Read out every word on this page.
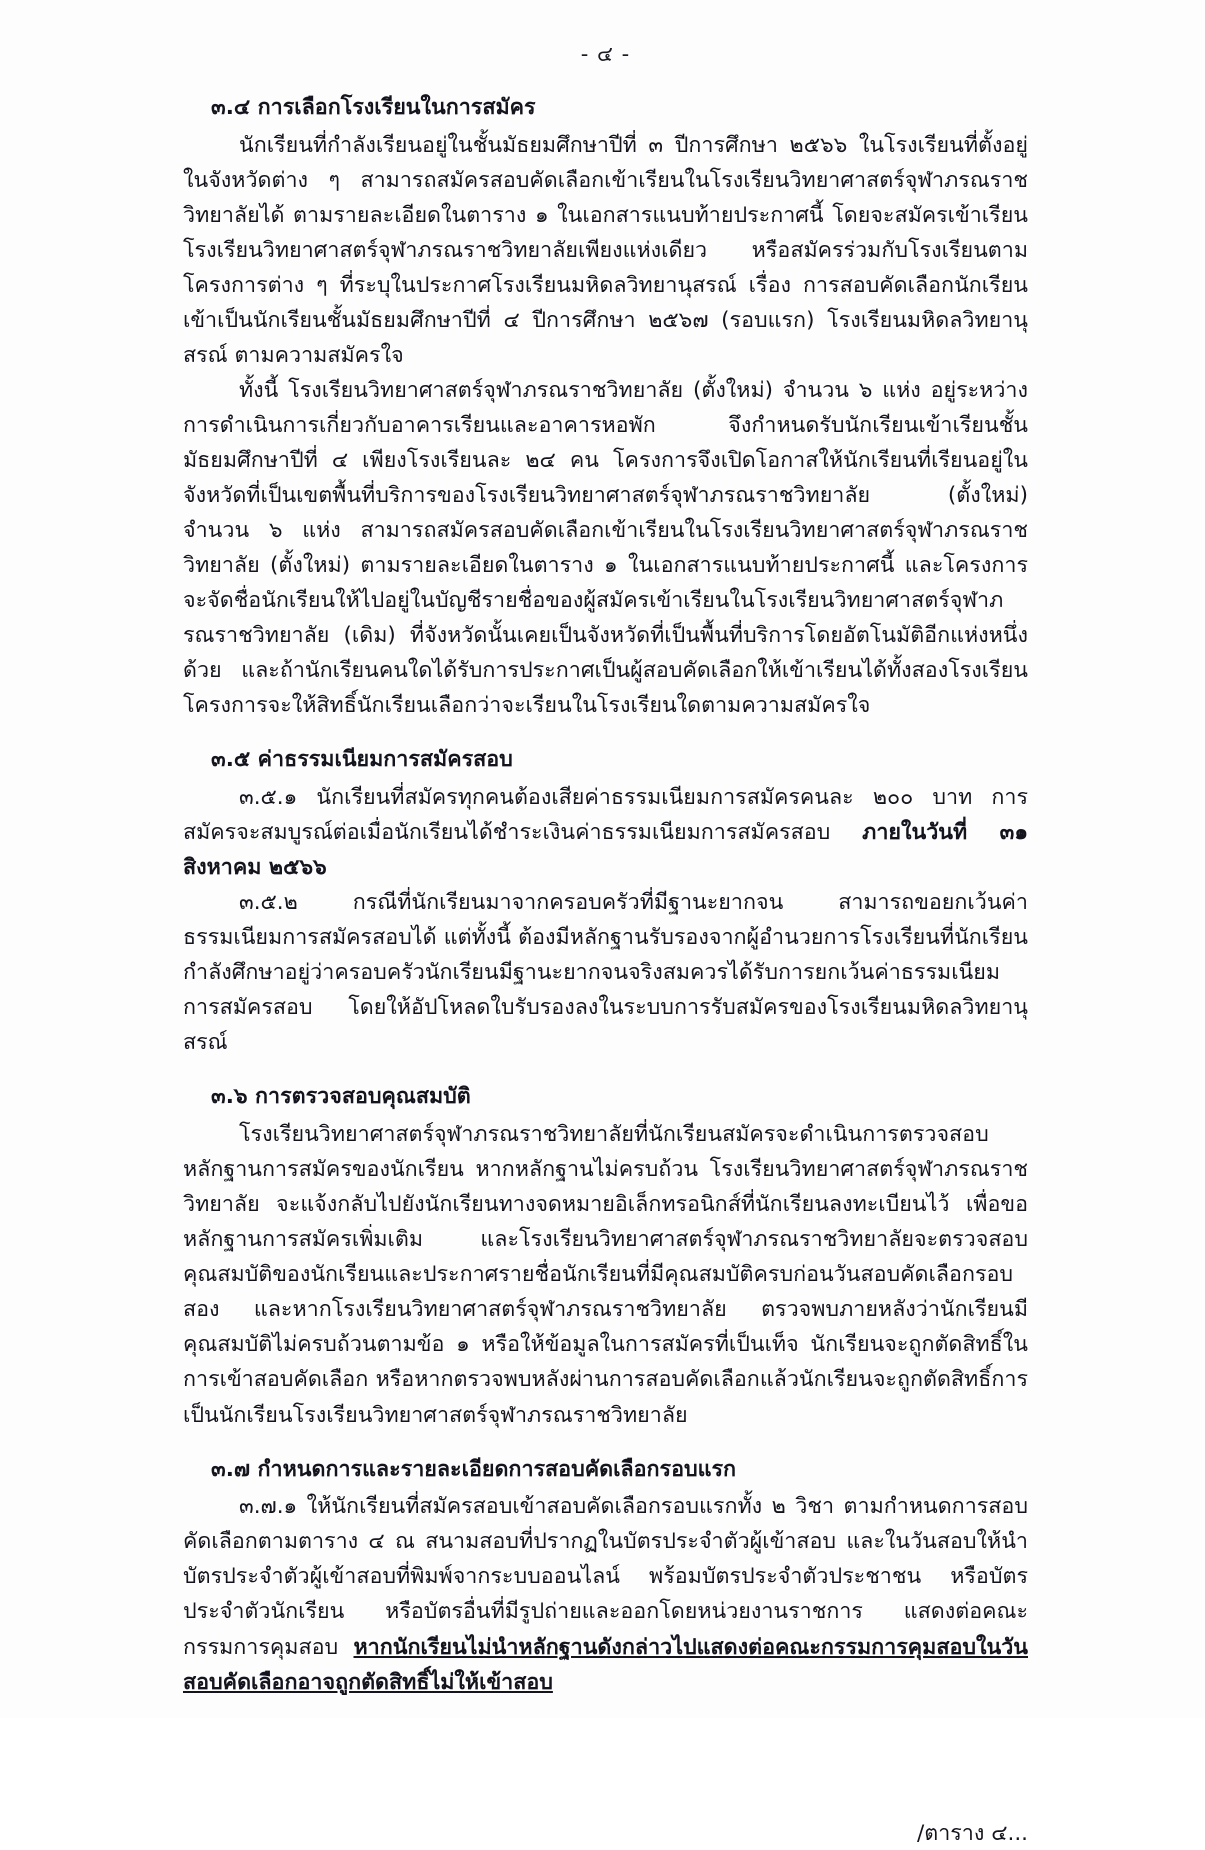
- ๔ -

๓.๔ การเลือกโรงเรียนในการสมัคร

นักเรียนที่กำลังเรียนอยู่ในชั้นมัธยมศึกษาปีที่ ๓ ปีการศึกษา ๒๕๖๖ ในโรงเรียนที่ตั้งอยู่ในจังหวัดต่าง ๆ สามารถสมัครสอบคัดเลือกเข้าเรียนในโรงเรียนวิทยาศาสตร์จุฬาภรณราชวิทยาลัยได้ ตามรายละเอียดในตาราง ๑ ในเอกสารแนบท้ายประกาศนี้ โดยจะสมัครเข้าเรียนโรงเรียนวิทยาศาสตร์จุฬาภรณราชวิทยาลัยเพียงแห่งเดียว หรือสมัครร่วมกับโรงเรียนตามโครงการต่าง ๆ ที่ระบุในประกาศโรงเรียนมหิดลวิทยานุสรณ์ เรื่อง การสอบคัดเลือกนักเรียนเข้าเป็นนักเรียนชั้นมัธยมศึกษาปีที่ ๔ ปีการศึกษา ๒๕๖๗ (รอบแรก) โรงเรียนมหิดลวิทยานุสรณ์ ตามความสมัครใจ

ทั้งนี้ โรงเรียนวิทยาศาสตร์จุฬาภรณราชวิทยาลัย (ตั้งใหม่) จำนวน ๖ แห่ง อยู่ระหว่างการดำเนินการเกี่ยวกับอาคารเรียนและอาคารหอพัก จึงกำหนดรับนักเรียนเข้าเรียนชั้นมัธยมศึกษาปีที่ ๔ เพียงโรงเรียนละ ๒๔ คน โครงการจึงเปิดโอกาสให้นักเรียนที่เรียนอยู่ในจังหวัดที่เป็นเขตพื้นที่บริการของโรงเรียนวิทยาศาสตร์จุฬาภรณราชวิทยาลัย (ตั้งใหม่) จำนวน ๖ แห่ง สามารถสมัครสอบคัดเลือกเข้าเรียนในโรงเรียนวิทยาศาสตร์จุฬาภรณราชวิทยาลัย (ตั้งใหม่) ตามรายละเอียดในตาราง ๑ ในเอกสารแนบท้ายประกาศนี้ และโครงการจะจัดชื่อนักเรียนให้ไปอยู่ในบัญชีรายชื่อของผู้สมัครเข้าเรียนในโรงเรียนวิทยาศาสตร์จุฬาภรณราชวิทยาลัย (เดิม) ที่จังหวัดนั้นเคยเป็นจังหวัดที่เป็นพื้นที่บริการโดยอัตโนมัติอีกแห่งหนึ่งด้วย และถ้านักเรียนคนใดได้รับการประกาศเป็นผู้สอบคัดเลือกให้เข้าเรียนได้ทั้งสองโรงเรียน โครงการจะให้สิทธิ์นักเรียนเลือกว่าจะเรียนในโรงเรียนใดตามความสมัครใจ

๓.๕ ค่าธรรมเนียมการสมัครสอบ

๓.๕.๑ นักเรียนที่สมัครทุกคนต้องเสียค่าธรรมเนียมการสมัครคนละ ๒๐๐ บาท การสมัครจะสมบูรณ์ต่อเมื่อนักเรียนได้ชำระเงินค่าธรรมเนียมการสมัครสอบ ภายในวันที่ ๓๑ สิงหาคม ๒๕๖๖

๓.๕.๒ กรณีที่นักเรียนมาจากครอบครัวที่มีฐานะยากจน สามารถขอยกเว้นค่าธรรมเนียมการสมัครสอบได้ แต่ทั้งนี้ ต้องมีหลักฐานรับรองจากผู้อำนวยการโรงเรียนที่นักเรียนกำลังศึกษาอยู่ว่าครอบครัวนักเรียนมีฐานะยากจนจริงสมควรได้รับการยกเว้นค่าธรรมเนียมการสมัครสอบ โดยให้อัปโหลดใบรับรองลงในระบบการรับสมัครของโรงเรียนมหิดลวิทยานุสรณ์

๓.๖ การตรวจสอบคุณสมบัติ

โรงเรียนวิทยาศาสตร์จุฬาภรณราชวิทยาลัยที่นักเรียนสมัครจะดำเนินการตรวจสอบหลักฐานการสมัครของนักเรียน หากหลักฐานไม่ครบถ้วน โรงเรียนวิทยาศาสตร์จุฬาภรณราชวิทยาลัย จะแจ้งกลับไปยังนักเรียนทางจดหมายอิเล็กทรอนิกส์ที่นักเรียนลงทะเบียนไว้ เพื่อขอหลักฐานการสมัครเพิ่มเติม และโรงเรียนวิทยาศาสตร์จุฬาภรณราชวิทยาลัยจะตรวจสอบคุณสมบัติของนักเรียนและประกาศรายชื่อนักเรียนที่มีคุณสมบัติครบก่อนวันสอบคัดเลือกรอบสอง และหากโรงเรียนวิทยาศาสตร์จุฬาภรณราชวิทยาลัย ตรวจพบภายหลังว่านักเรียนมีคุณสมบัติไม่ครบถ้วนตามข้อ ๑ หรือให้ข้อมูลในการสมัครที่เป็นเท็จ นักเรียนจะถูกตัดสิทธิ์ในการเข้าสอบคัดเลือก หรือหากตรวจพบหลังผ่านการสอบคัดเลือกแล้วนักเรียนจะถูกตัดสิทธิ์การเป็นนักเรียนโรงเรียนวิทยาศาสตร์จุฬาภรณราชวิทยาลัย

๓.๗ กำหนดการและรายละเอียดการสอบคัดเลือกรอบแรก

๓.๗.๑ ให้นักเรียนที่สมัครสอบเข้าสอบคัดเลือกรอบแรกทั้ง ๒ วิชา ตามกำหนดการสอบคัดเลือกตามตาราง ๔ ณ สนามสอบที่ปรากฏในบัตรประจำตัวผู้เข้าสอบ และในวันสอบให้นำบัตรประจำตัวผู้เข้าสอบที่พิมพ์จากระบบออนไลน์ พร้อมบัตรประจำตัวประชาชน หรือบัตรประจำตัวนักเรียน หรือบัตรอื่นที่มีรูปถ่ายและออกโดยหน่วยงานราชการ แสดงต่อคณะกรรมการคุมสอบ หากนักเรียนไม่นำหลักฐานดังกล่าวไปแสดงต่อคณะกรรมการคุมสอบในวันสอบคัดเลือกอาจถูกตัดสิทธิ์ไม่ให้เข้าสอบ

/ตาราง ๔...
